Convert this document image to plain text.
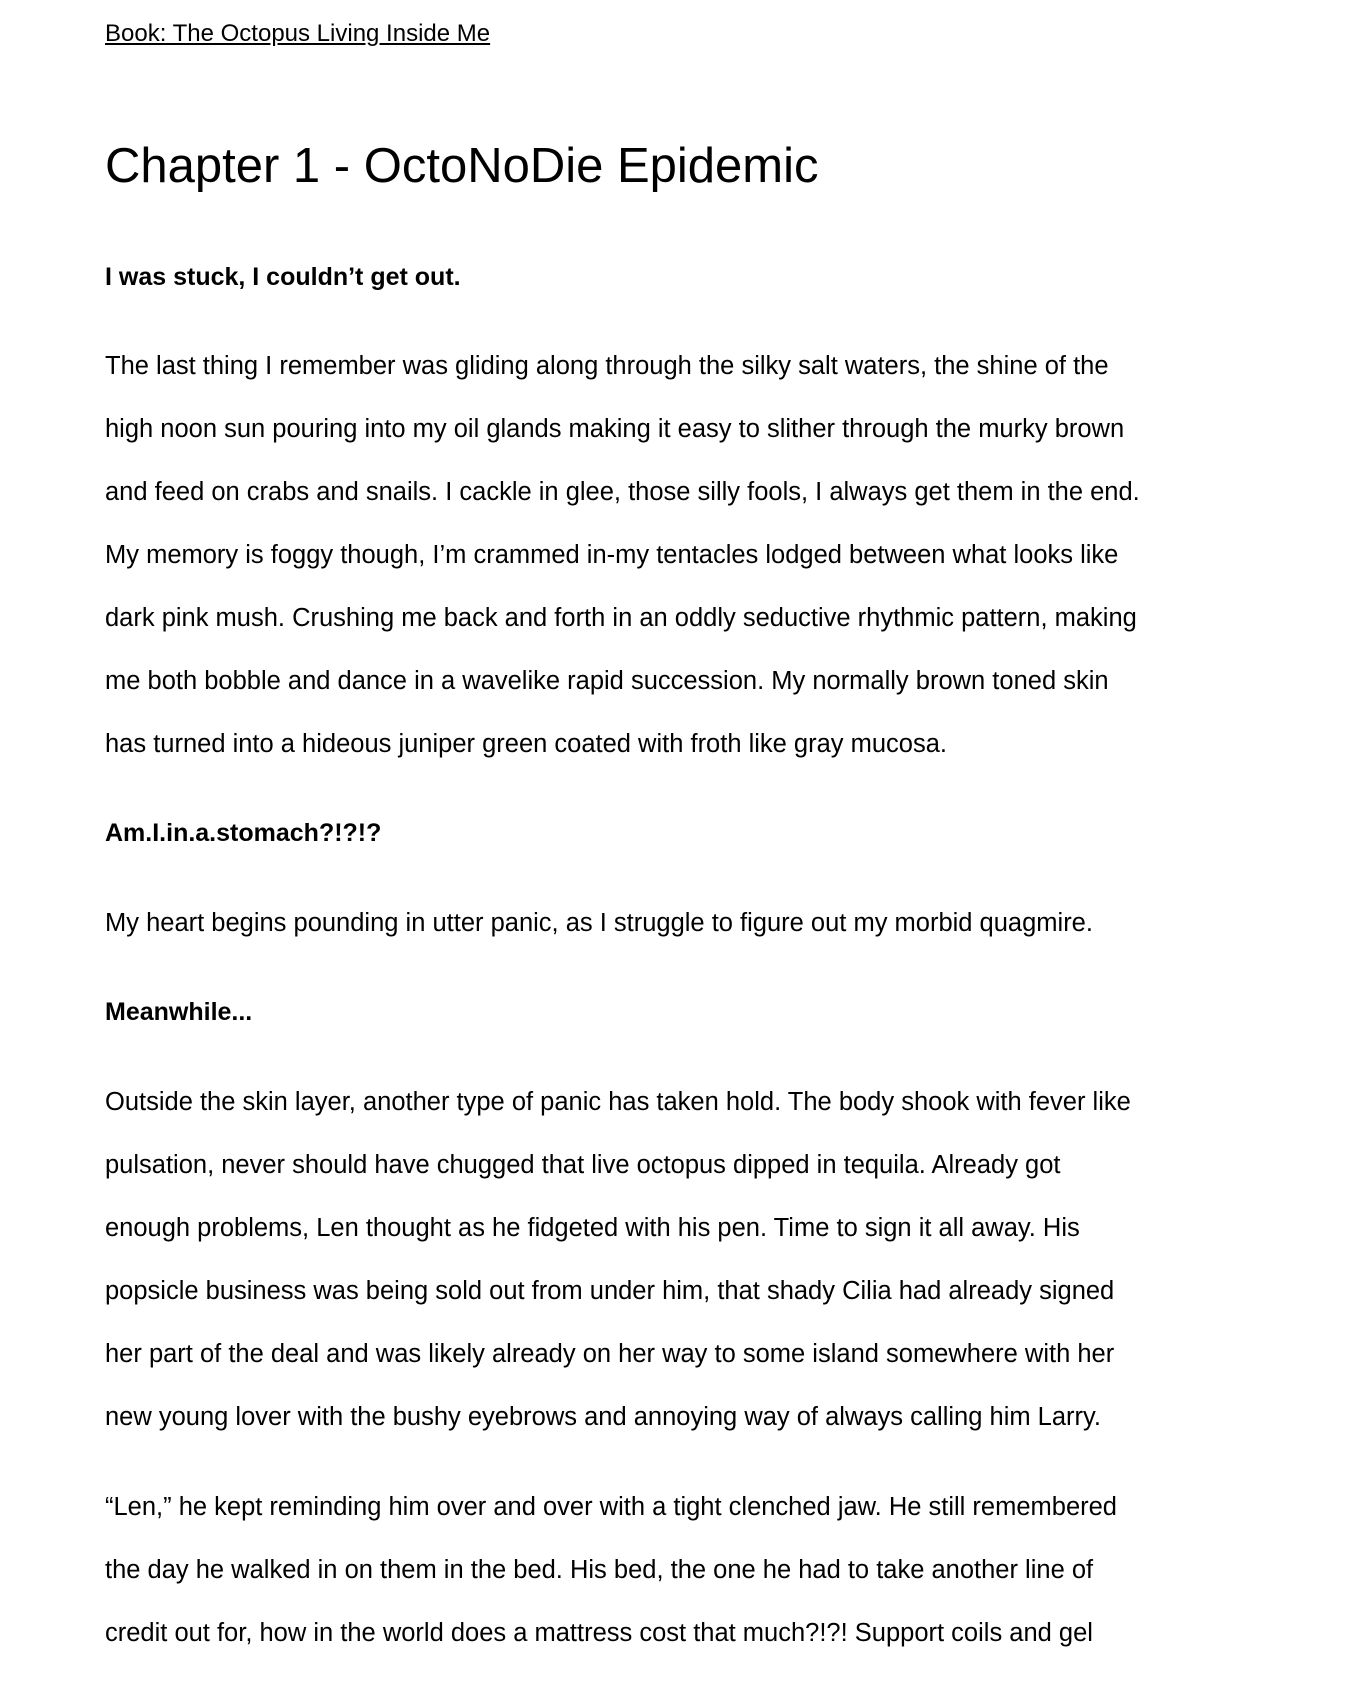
Book: The Octopus Living Inside Me
Chapter 1 - OctoNoDie Epidemic
I was stuck, I couldn’t get out.
The last thing I remember was gliding along through the silky salt waters, the shine of the
high noon sun pouring into my oil glands making it easy to slither through the murky brown
and feed on crabs and snails. I cackle in glee, those silly fools, I always get them in the end.
My memory is foggy though, I’m crammed in-my tentacles lodged between what looks like
dark pink mush. Crushing me back and forth in an oddly seductive rhythmic pattern, making
me both bobble and dance in a wavelike rapid succession. My normally brown toned skin
has turned into a hideous juniper green coated with froth like gray mucosa.
Am.I.in.a.stomach?!?!?
My heart begins pounding in utter panic, as I struggle to figure out my morbid quagmire.
Meanwhile...
Outside the skin layer, another type of panic has taken hold. The body shook with fever like
pulsation, never should have chugged that live octopus dipped in tequila. Already got
enough problems, Len thought as he fidgeted with his pen. Time to sign it all away. His
popsicle business was being sold out from under him, that shady Cilia had already signed
her part of the deal and was likely already on her way to some island somewhere with her
new young lover with the bushy eyebrows and annoying way of always calling him Larry.
“Len,” he kept reminding him over and over with a tight clenched jaw. He still remembered
the day he walked in on them in the bed. His bed, the one he had to take another line of
credit out for, how in the world does a mattress cost that much?!?! Support coils and gel
